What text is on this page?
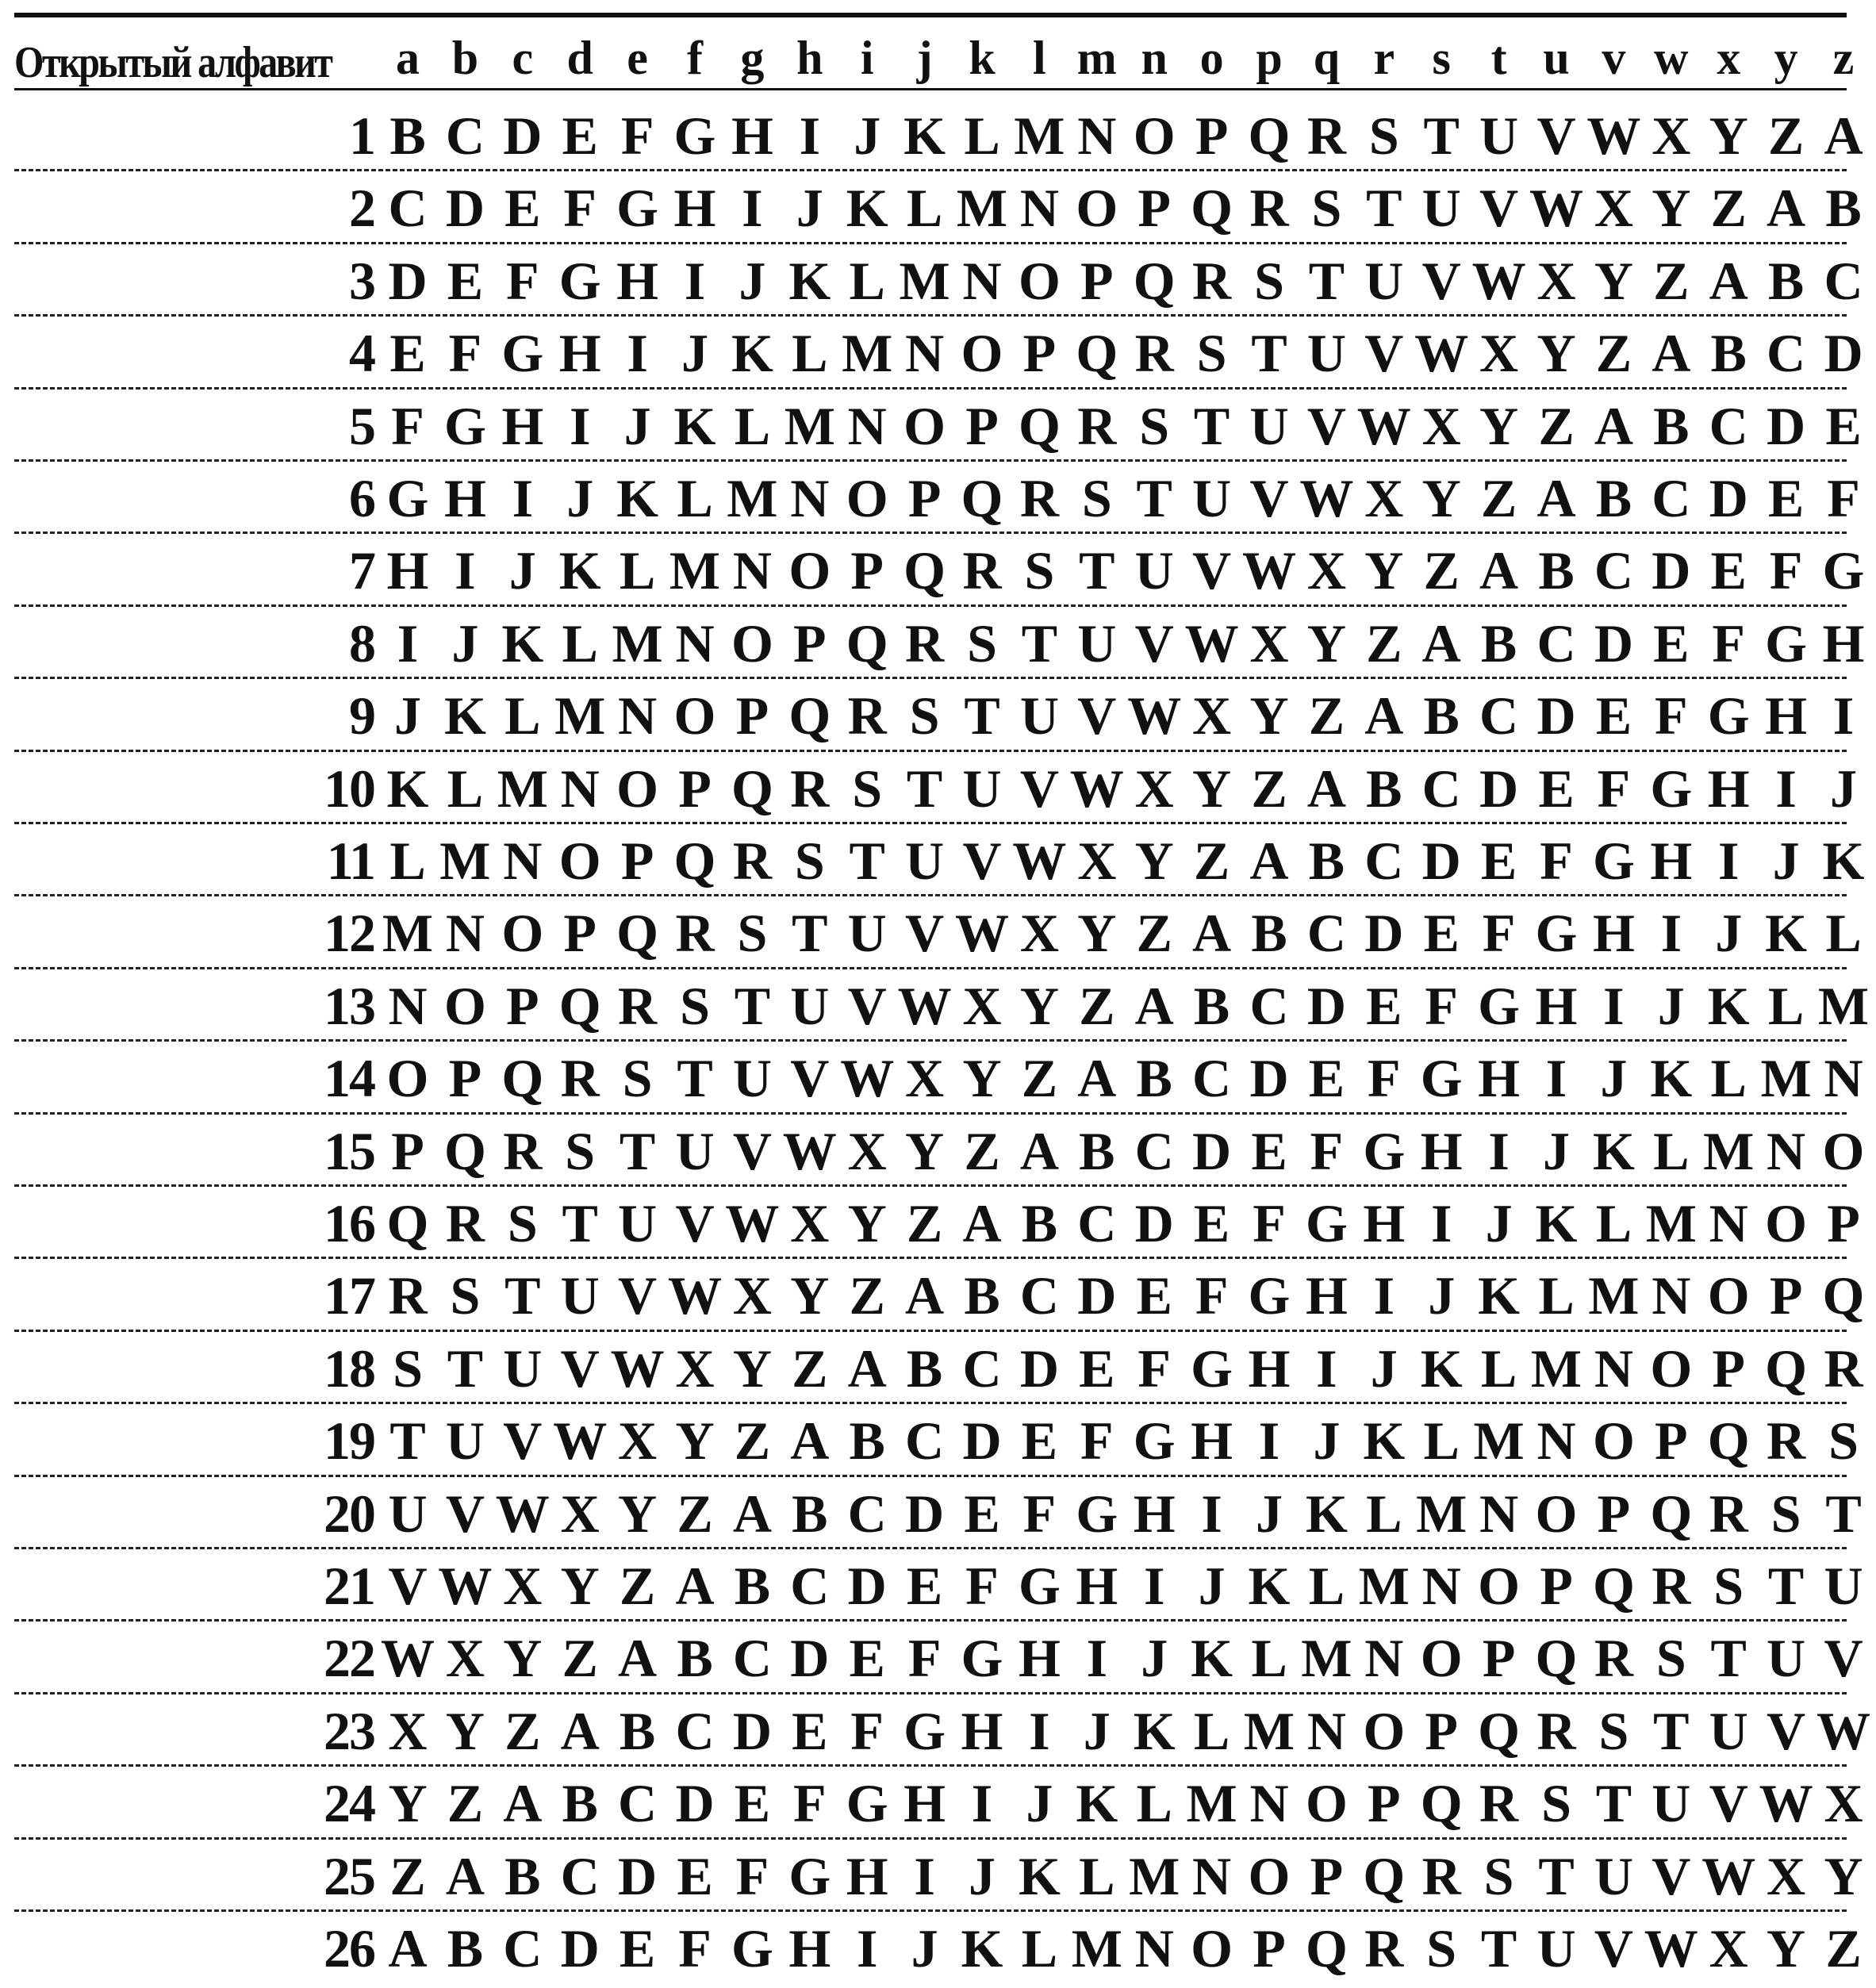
Открытый алфавит	a b c d e f g h i j k l m n o p q r s t u v w x y z
1 B C D E F G H I J K L M N O P Q R S T U V W X Y Z A
2 C D E F G H I J K L M N O P Q R S T U V W X Y Z A B
3 D E F G H I J K L M N O P Q R S T U V W X Y Z A B C
4 E F G H I J K L M N O P Q R S T U V W X Y Z A B C D
5 F G H I J K L M N O P Q R S T U V W X Y Z A B C D E
6 G H I J K L M N O P Q R S T U V W X Y Z A B C D E F
7 H I J K L M N O P Q R S T U V W X Y Z A B C D E F G
8 I J K L M N O P Q R S T U V W X Y Z A B C D E F G H
9 J K L M N O P Q R S T U V W X Y Z A B C D E F G H I
10 K L M N O P Q R S T U V W X Y Z A B C D E F G H I J
11 L M N O P Q R S T U V W X Y Z A B C D E F G H I J K
12 M N O P Q R S T U V W X Y Z A B C D E F G H I J K L
13 N O P Q R S T U V W X Y Z A B C D E F G H I J K L M
14 O P Q R S T U V W X Y Z A B C D E F G H I J K L M N
15 P Q R S T U V W X Y Z A B C D E F G H I J K L M N O
16 Q R S T U V W X Y Z A B C D E F G H I J K L M N O P
17 R S T U V W X Y Z A B C D E F G H I J K L M N O P Q
18 S T U V W X Y Z A B C D E F G H I J K L M N O P Q R
19 T U V W X Y Z A B C D E F G H I J K L M N O P Q R S
20 U V W X Y Z A B C D E F G H I J K L M N O P Q R S T
21 V W X Y Z A B C D E F G H I J K L M N O P Q R S T U
22 W X Y Z A B C D E F G H I J K L M N O P Q R S T U V
23 X Y Z A B C D E F G H I J K L M N O P Q R S T U V W
24 Y Z A B C D E F G H I J K L M N O P Q R S T U V W X
25 Z A B C D E F G H I J K L M N O P Q R S T U V W X Y
26 A B C D E F G H I J K L M N O P Q R S T U V W X Y Z
